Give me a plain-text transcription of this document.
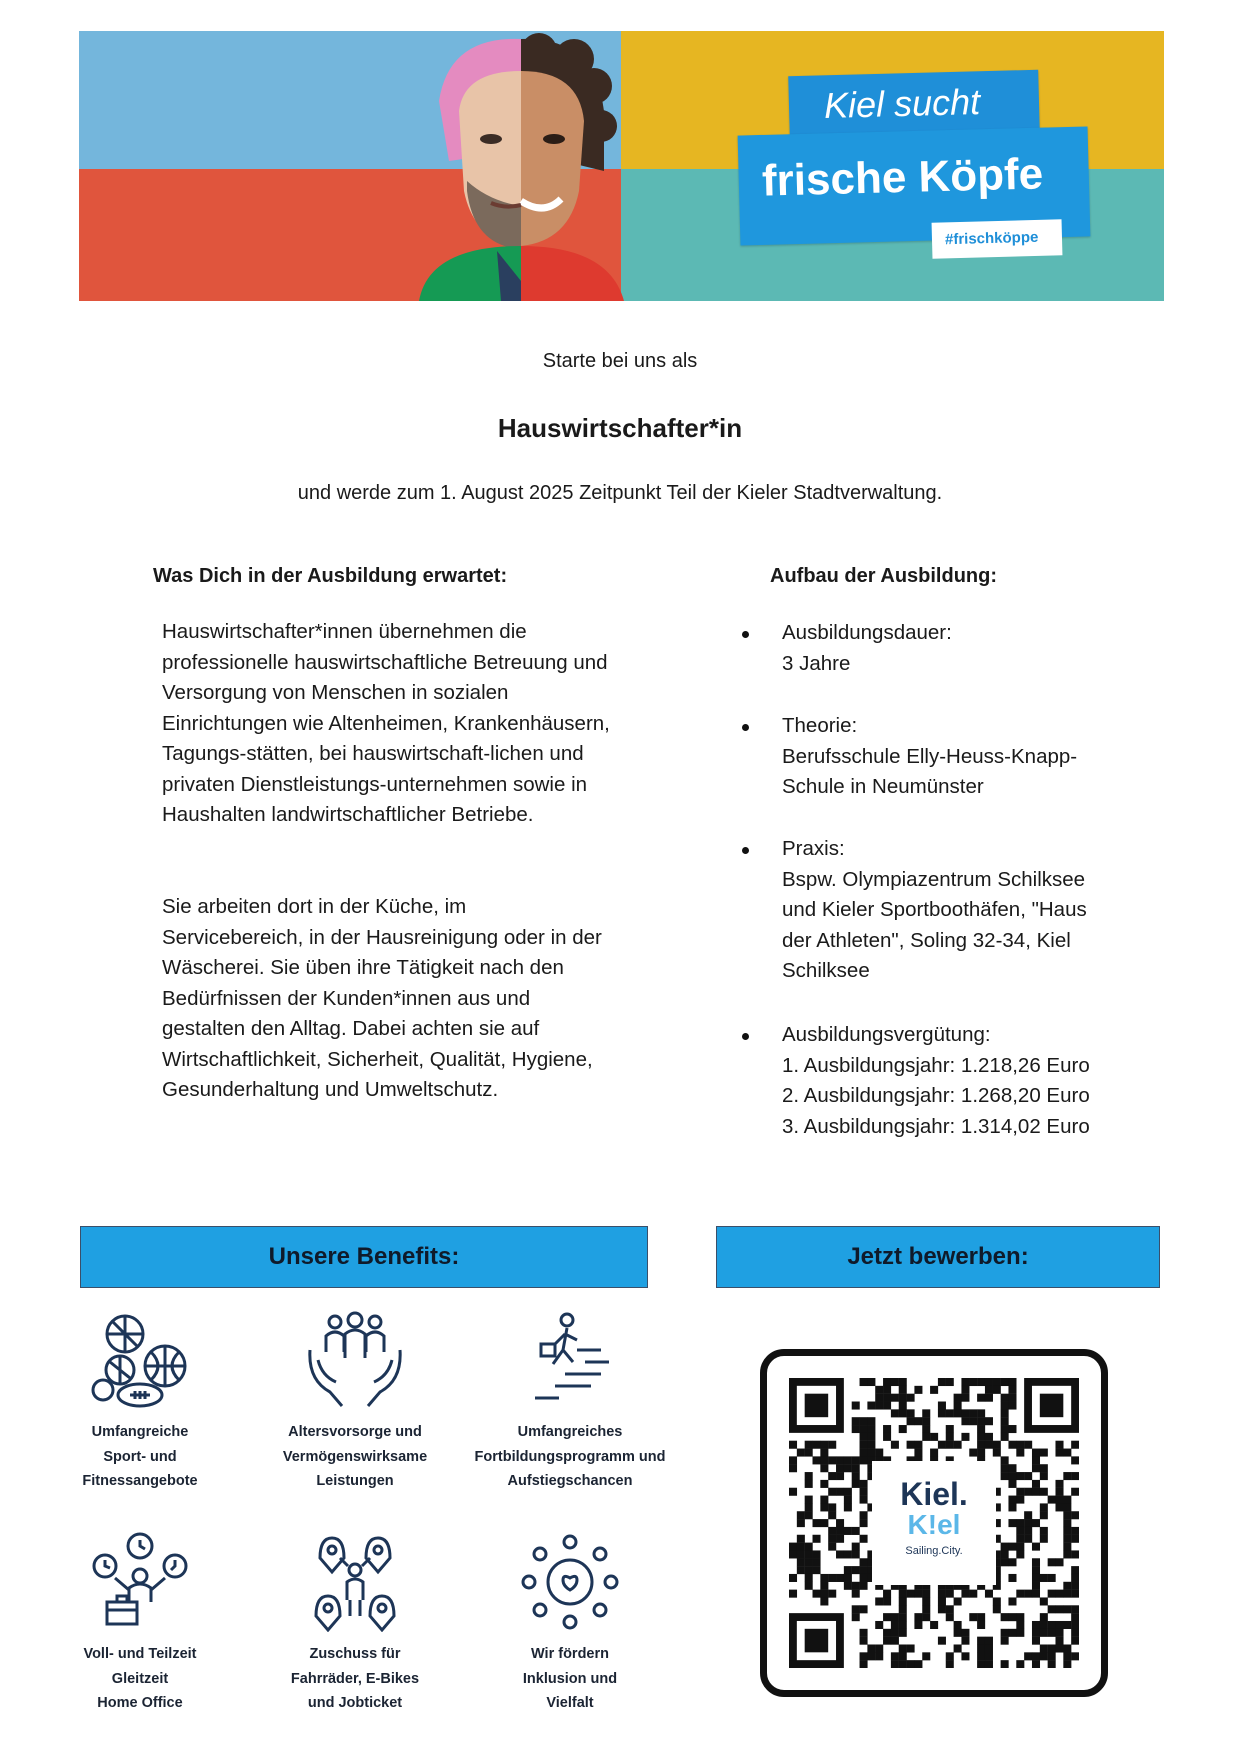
Kiel sucht
frische Köpfe
#frischköppe
Starte bei uns als
Hauswirtschafter*in
und werde zum 1. August 2025 Zeitpunkt Teil der Kieler Stadtverwaltung.
Was Dich in der Ausbildung erwartet:
Hauswirtschafter*innen übernehmen die professionelle hauswirtschaftliche Betreuung und Versorgung von Menschen in sozialen Einrichtungen wie Altenheimen, Krankenhäusern, Tagungs-stätten, bei hauswirtschaft-lichen und privaten Dienstleistungs-unternehmen sowie in Haushalten landwirtschaftlicher Betriebe.
Sie arbeiten dort in der Küche, im Servicebereich, in der Hausreinigung oder in der Wäscherei. Sie üben ihre Tätigkeit nach den Bedürfnissen der Kunden*innen aus und gestalten den Alltag. Dabei achten sie auf Wirtschaftlichkeit, Sicherheit, Qualität, Hygiene, Gesunderhaltung und Umweltschutz.
Aufbau der Ausbildung:
Ausbildungsdauer:
3 Jahre
Theorie:
Berufsschule Elly-Heuss-Knapp-
Schule in Neumünster
Praxis:
Bspw. Olympiazentrum Schilksee
und Kieler Sportboothäfen, "Haus
der Athleten", Soling 32-34, Kiel
Schilksee
Ausbildungsvergütung:
1. Ausbildungsjahr: 1.218,26 Euro
2. Ausbildungsjahr: 1.268,20 Euro
3. Ausbildungsjahr: 1.314,02 Euro
Unsere Benefits:	Jetzt bewerben:
Umfangreiche
Sport- und
Fitnessangebote
Altersvorsorge und
Vermögenswirksame
Leistungen
Umfangreiches
Fortbildungsprogramm und
Aufstiegschancen
Voll- und Teilzeit
Gleitzeit
Home Office
Zuschuss für
Fahrräder, E-Bikes
und Jobticket
Wir fördern
Inklusion und
Vielfalt
Kiel.
K!el
Sailing.City.
